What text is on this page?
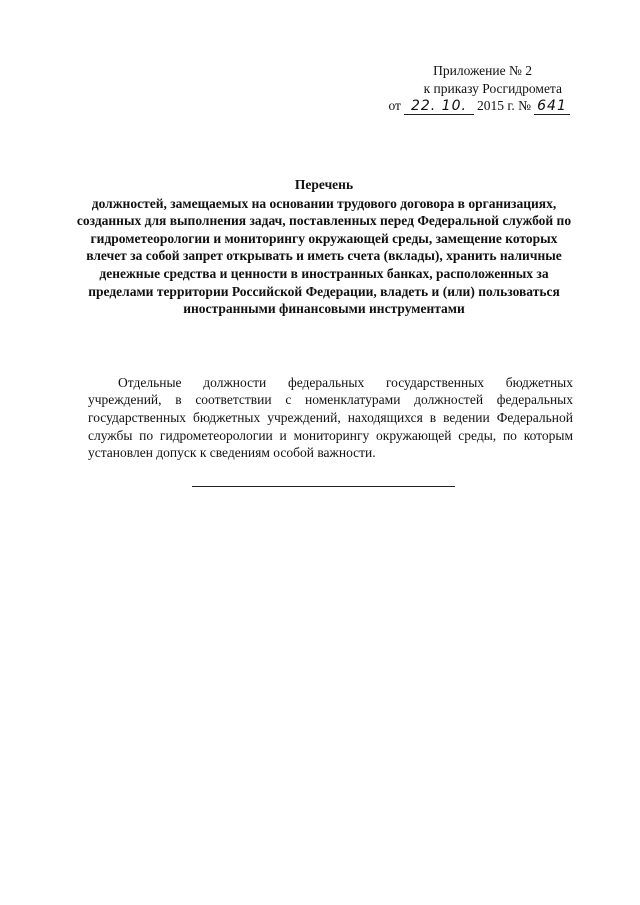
Приложение № 2
к приказу Росгидромета
от 22. 10. 2015 г. № 641
Перечень
должностей, замещаемых на основании трудового договора в организациях, созданных для выполнения задач, поставленных перед Федеральной службой по гидрометеорологии и мониторингу окружающей среды, замещение которых влечет за собой запрет открывать и иметь счета (вклады), хранить наличные денежные средства и ценности в иностранных банках, расположенных за пределами территории Российской Федерации, владеть и (или) пользоваться иностранными финансовыми инструментами

Отдельные должности федеральных государственных бюджетных учреждений, в соответствии с номенклатурами должностей федеральных государственных бюджетных учреждений, находящихся в ведении Федеральной службы по гидрометеорологии и мониторингу окружающей среды, по которым установлен допуск к сведениям особой важности.
